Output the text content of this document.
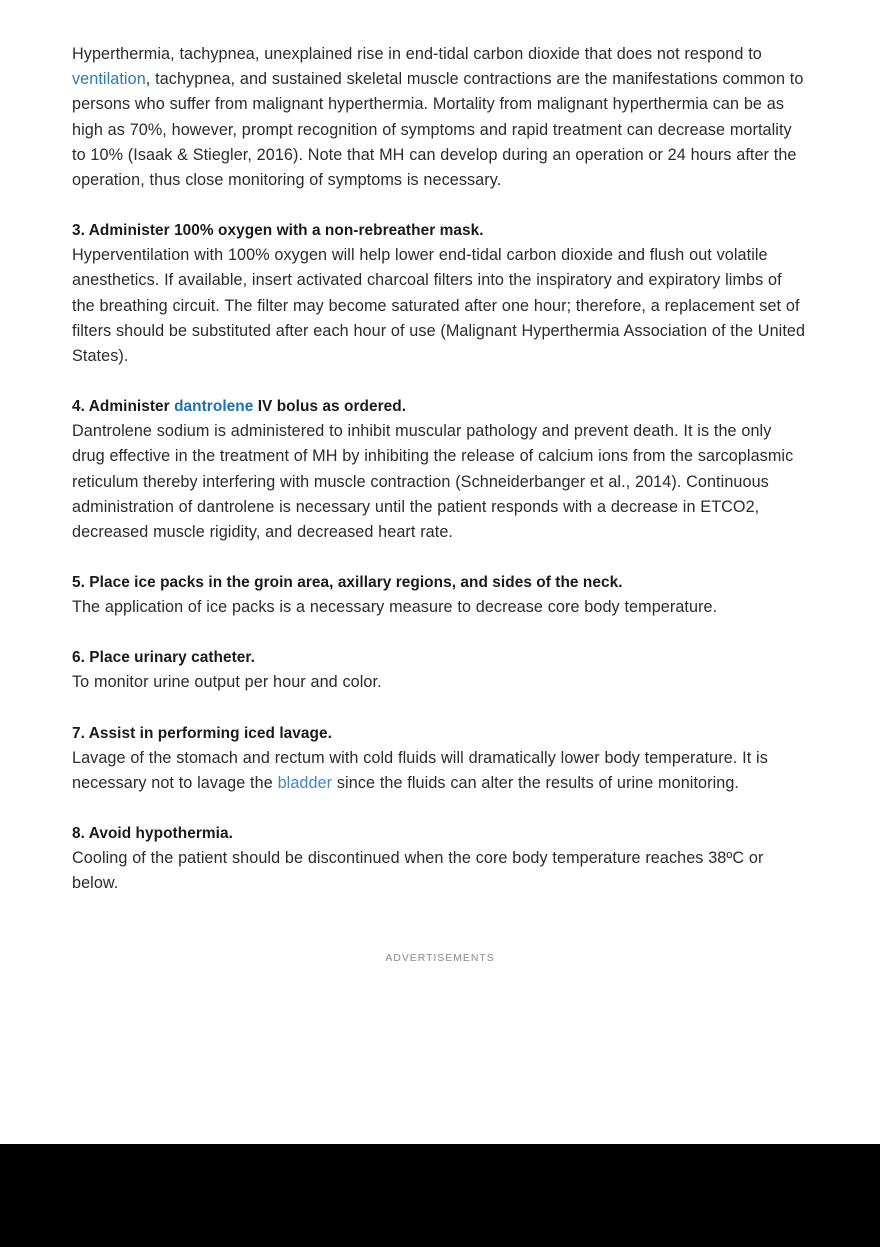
Hyperthermia, tachypnea, unexplained rise in end-tidal carbon dioxide that does not respond to ventilation, tachypnea, and sustained skeletal muscle contractions are the manifestations common to persons who suffer from malignant hyperthermia. Mortality from malignant hyperthermia can be as high as 70%, however, prompt recognition of symptoms and rapid treatment can decrease mortality to 10% (Isaak & Stiegler, 2016). Note that MH can develop during an operation or 24 hours after the operation, thus close monitoring of symptoms is necessary.

3. Administer 100% oxygen with a non-rebreather mask.

Hyperventilation with 100% oxygen will help lower end-tidal carbon dioxide and flush out volatile anesthetics. If available, insert activated charcoal filters into the inspiratory and expiratory limbs of the breathing circuit. The filter may become saturated after one hour; therefore, a replacement set of filters should be substituted after each hour of use (Malignant Hyperthermia Association of the United States).

4. Administer dantrolene IV bolus as ordered.

Dantrolene sodium is administered to inhibit muscular pathology and prevent death. It is the only drug effective in the treatment of MH by inhibiting the release of calcium ions from the sarcoplasmic reticulum thereby interfering with muscle contraction (Schneiderbanger et al., 2014). Continuous administration of dantrolene is necessary until the patient responds with a decrease in ETCO2, decreased muscle rigidity, and decreased heart rate.

5. Place ice packs in the groin area, axillary regions, and sides of the neck.

The application of ice packs is a necessary measure to decrease core body temperature.

6. Place urinary catheter.

To monitor urine output per hour and color.

7. Assist in performing iced lavage.

Lavage of the stomach and rectum with cold fluids will dramatically lower body temperature. It is necessary not to lavage the bladder since the fluids can alter the results of urine monitoring.

8. Avoid hypothermia.

Cooling of the patient should be discontinued when the core body temperature reaches 38ºC or below.

ADVERTISEMENTS
